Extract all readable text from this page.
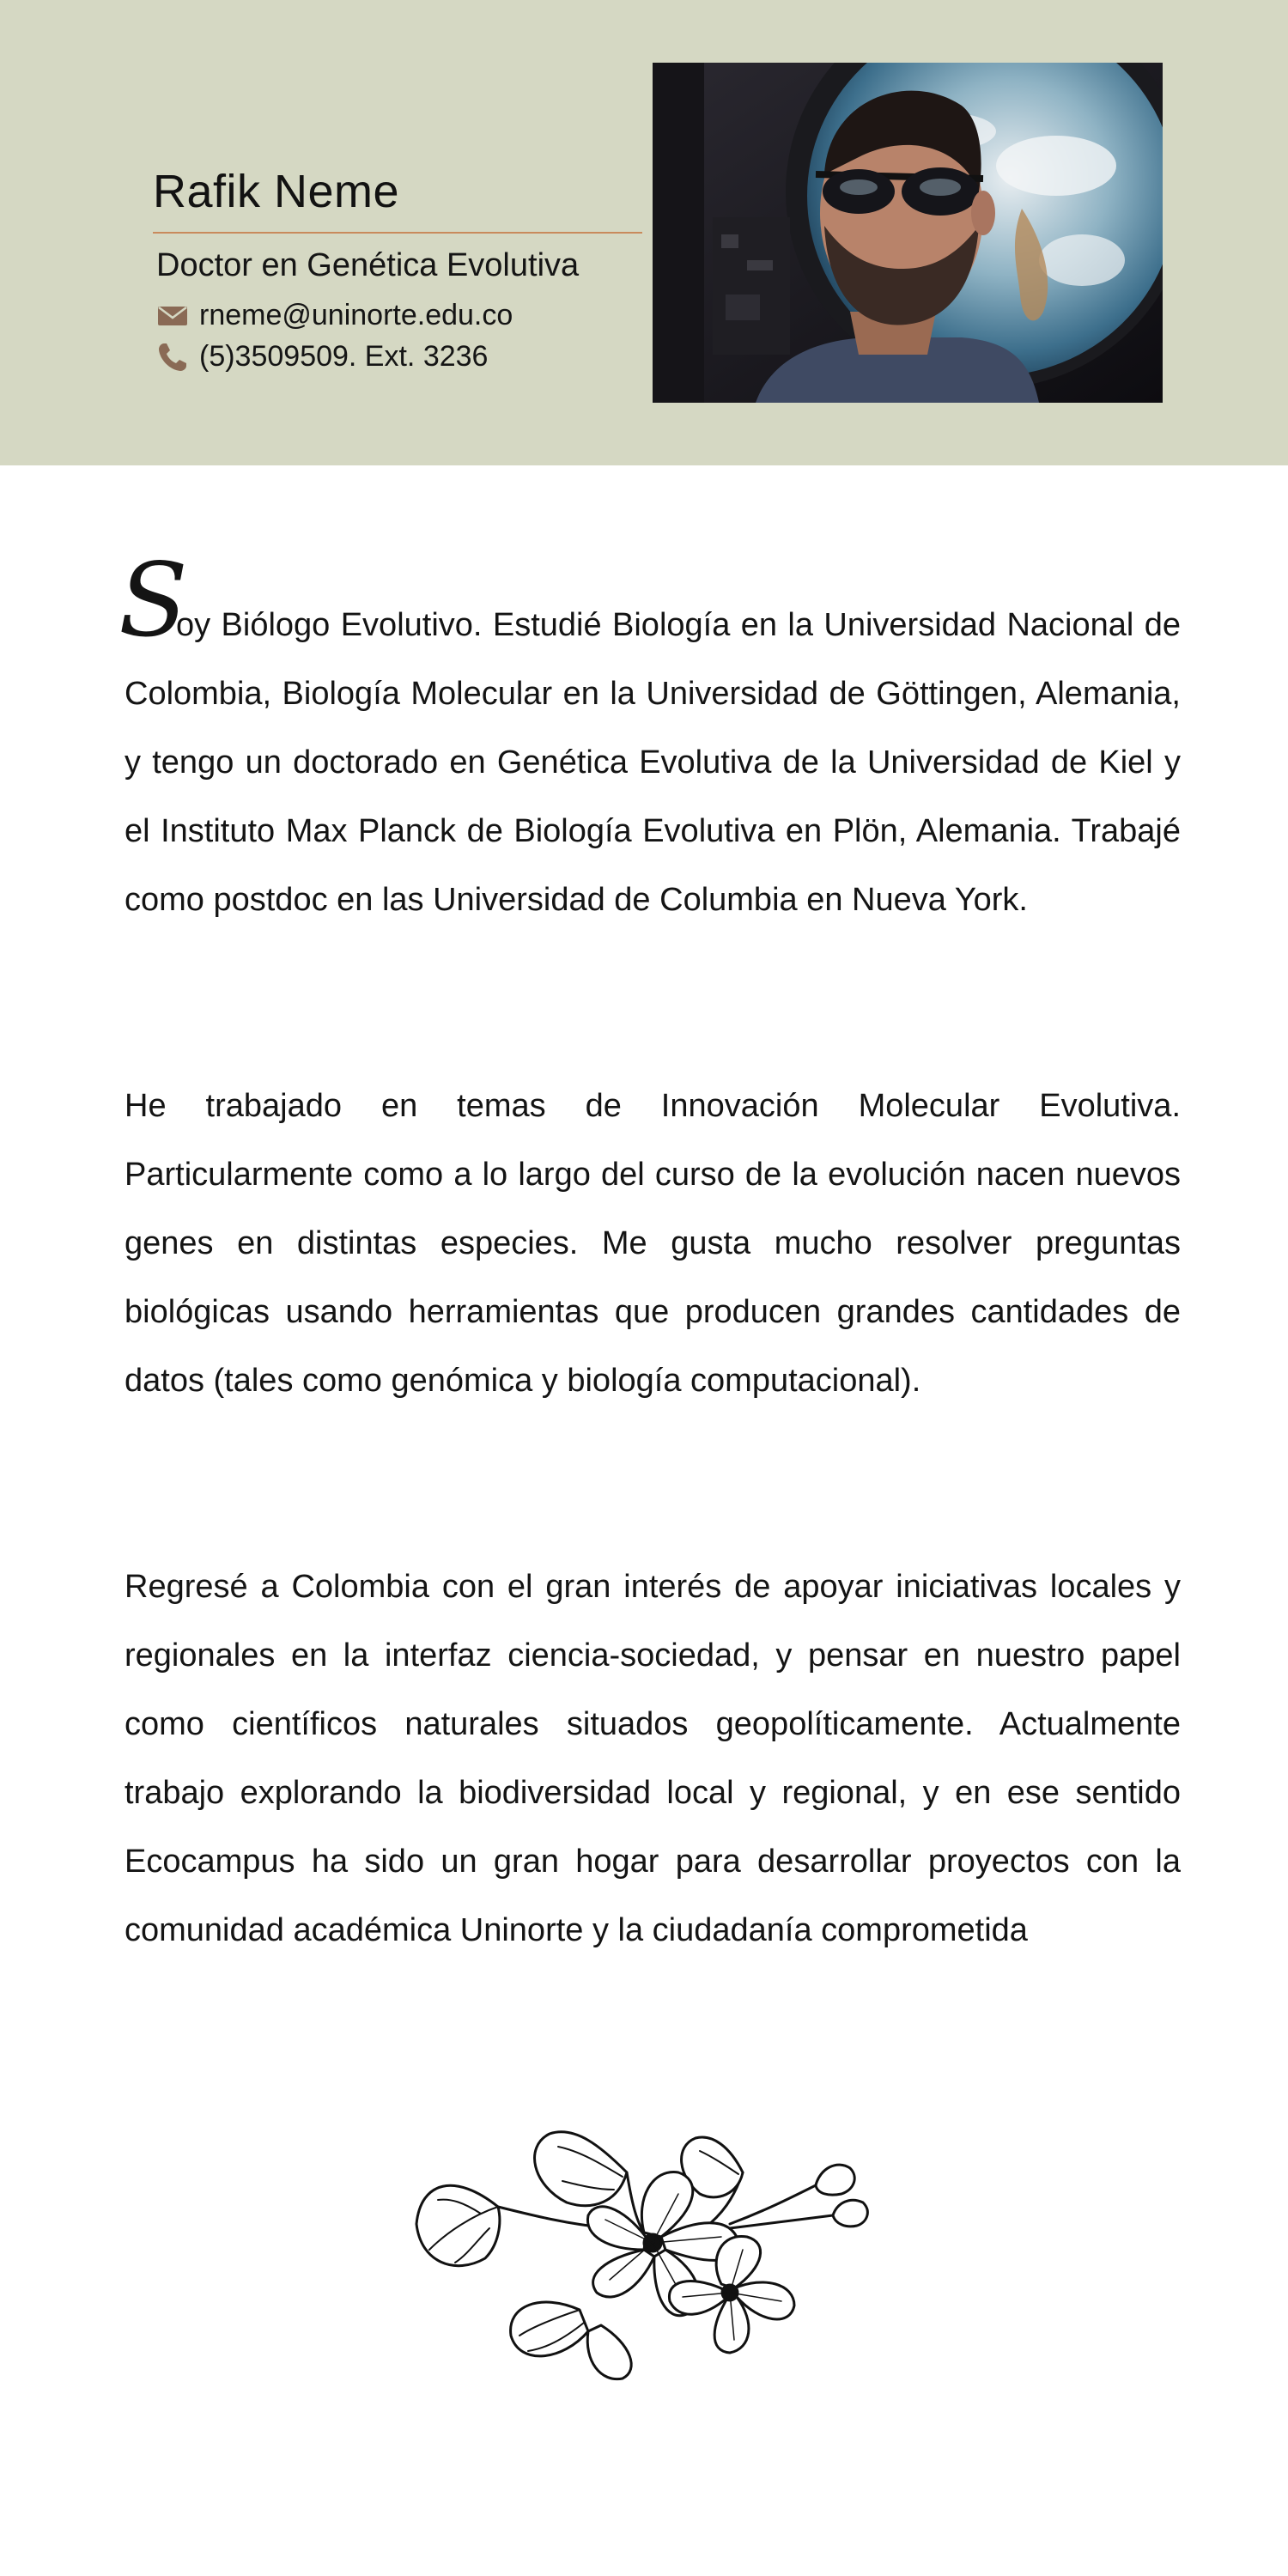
Rafik Neme
Doctor en Genética Evolutiva
rneme@uninorte.edu.co
(5)3509509. Ext. 3236
S

oy Biólogo Evolutivo. Estudié Biología en la Universidad Nacional de Colombia, Biología Molecular en la Universidad de Göttingen, Alemania, y tengo un doctorado en Genética Evolutiva de la Universidad de Kiel y el Instituto Max Planck de Biología Evolutiva en Plön, Alemania. Trabajé como postdoc en las Universidad de Columbia en Nueva York.

He trabajado en temas de Innovación Molecular Evolutiva. Particularmente como a lo largo del curso de la evolución nacen nuevos genes en distintas especies. Me gusta mucho resolver preguntas biológicas usando herramientas que producen grandes cantidades de datos (tales como genómica y biología computacional).

Regresé a Colombia con el gran interés de apoyar iniciativas locales y regionales en la interfaz ciencia-sociedad, y pensar en nuestro papel como científicos naturales situados geopolíticamente. Actualmente trabajo explorando la biodiversidad local y regional, y en ese sentido Ecocampus ha sido un gran hogar para desarrollar proyectos con la comunidad académica Uninorte y la ciudadanía comprometida
